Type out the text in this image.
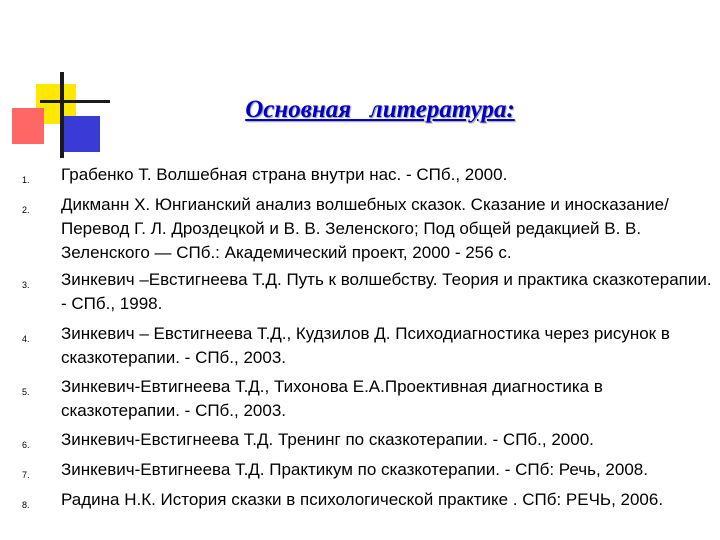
Основная   литература:
1. Грабенко Т. Волшебная страна внутри нас. - СПб., 2000.
2. Дикманн Х. Юнгианский анализ волшебных сказок. Сказание и иносказание/ Перевод Г. Л. Дроздецкой и В. В. Зеленского; Под общей редакцией В. В. Зеленского — СПб.: Академический проект, 2000 - 256 с.
3. Зинкевич –Евстигнеева Т.Д. Путь к волшебству. Теория и практика сказкотерапии. - СПб., 1998.
4. Зинкевич – Евстигнеева Т.Д., Кудзилов Д. Психодиагностика через рисунок в сказкотерапии. - СПб., 2003.
5. Зинкевич-Евтигнеева Т.Д., Тихонова Е.А.Проективная диагностика в сказкотерапии. - СПб., 2003.
6. Зинкевич-Евстигнеева Т.Д. Тренинг по сказкотерапии. - СПб., 2000.
7. Зинкевич-Евтигнеева Т.Д. Практикум по сказкотерапии. - СПб: Речь, 2008.
8. Радина Н.К. История сказки в психологической практике . СПб: РЕЧЬ, 2006.
